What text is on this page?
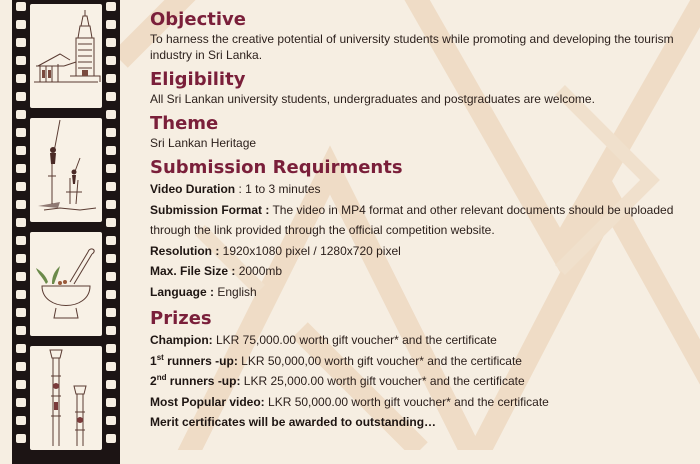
Objective

To harness the creative potential of university students while promoting and developing the tourism industry in Sri Lanka.

Eligibility

All Sri Lankan university students, undergraduates and postgraduates are welcome.

Theme

Sri Lankan Heritage

Submission Requirments

Video Duration : 1 to 3 minutes

Submission Format : The video in MP4 format and other relevant documents should be uploaded through the link provided through the official competition website.

Resolution : 1920x1080 pixel / 1280x720 pixel

Max. File Size : 2000mb

Language : English

Prizes

Champion: LKR 75,000.00 worth gift voucher* and the certificate

1st runners -up: LKR 50,000,00 worth gift voucher* and the certificate

2nd runners -up: LKR 25,000.00 worth gift voucher* and the certificate

Most Popular video: LKR 50,000.00 worth gift voucher* and the certificate

Merit certificates will be awarded to outstanding…
